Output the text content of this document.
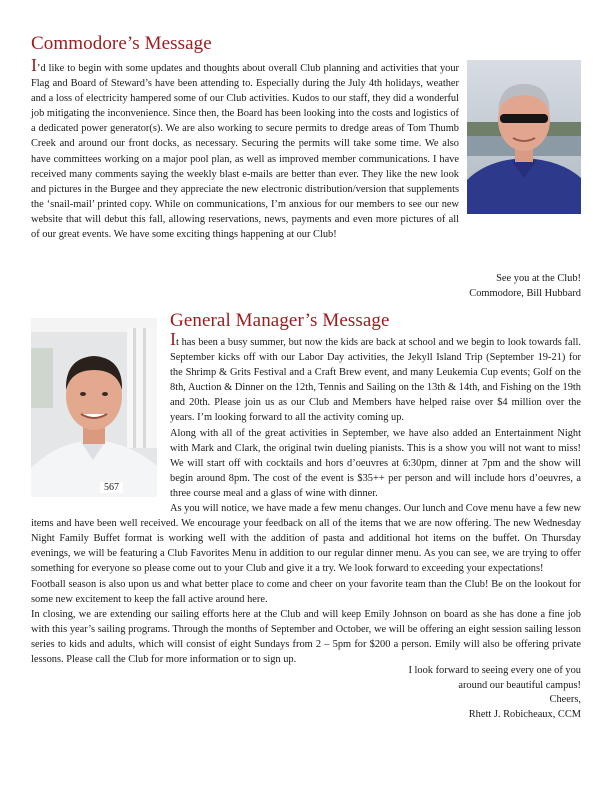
Commodore’s Message

I’d like to begin with some updates and thoughts about overall Club planning and activities that your Flag and Board of Steward’s have been attending to. Especially during the July 4th holidays, weather and a loss of electricity hampered some of our Club activities. Kudos to our staff, they did a wonderful job mitigating the inconvenience. Since then, the Board has been looking into the costs and logistics of a dedicated power generator(s). We are also working to secure permits to dredge areas of Tom Thumb Creek and around our front docks, as necessary. Securing the permits will take some time. We also have committees working on a major pool plan, as well as improved member communications. I have received many comments saying the weekly blast e-mails are better than ever. They like the new look and pictures in the Burgee and they appreciate the new electronic distribution/version that supplements the ‘snail-mail’ printed copy. While on communications, I’m anxious for our members to see our new website that will debut this fall, allowing reservations, news, payments and even more pictures of all of our great events. We have some exciting things happening at our Club!

See you at the Club!
Commodore, Bill Hubbard
567
General Manager’s Message

It has been a busy summer, but now the kids are back at school and we begin to look towards fall. September kicks off with our Labor Day activities, the Jekyll Island Trip (September 19-21) for the Shrimp & Grits Festival and a Craft Brew event, and many Leukemia Cup events; Golf on the 8th, Auction & Dinner on the 12th, Tennis and Sailing on the 13th & 14th, and Fishing on the 19th and 20th. Please join us as our Club and Members have helped raise over $4 million over the years. I’m looking forward to all the activity coming up.

Along with all of the great activities in September, we have also added an Entertainment Night with Mark and Clark, the original twin dueling pianists. This is a show you will not want to miss! We will start off with cocktails and hors d’oeuvres at 6:30pm, dinner at 7pm and the show will begin around 8pm. The cost of the event is $35++ per person and will include hors d’oeuvres, a three course meal and a glass of wine with dinner.

As you will notice, we have made a few menu changes. Our lunch and Cove menu have a few new items and have been well received. We encourage your feedback on all of the items that we are now offering. The new Wednesday Night Family Buffet format is working well with the addition of pasta and additional hot items on the buffet. On Thursday evenings, we will be featuring a Club Favorites Menu in addition to our regular dinner menu. As you can see, we are trying to offer something for everyone so please come out to your Club and give it a try. We look forward to exceeding your expectations!

Football season is also upon us and what better place to come and cheer on your favorite team than the Club! Be on the lookout for some new excitement to keep the fall active around here.

In closing, we are extending our sailing efforts here at the Club and will keep Emily Johnson on board as she has done a fine job with this year’s sailing programs. Through the months of September and October, we will be offering an eight session sailing lesson series to kids and adults, which will consist of eight Sundays from 2 – 5pm for $200 a person. Emily will also be offering private lessons. Please call the Club for more information or to sign up.

I look forward to seeing every one of you
around our beautiful campus!
Cheers,
Rhett J. Robicheaux, CCM
